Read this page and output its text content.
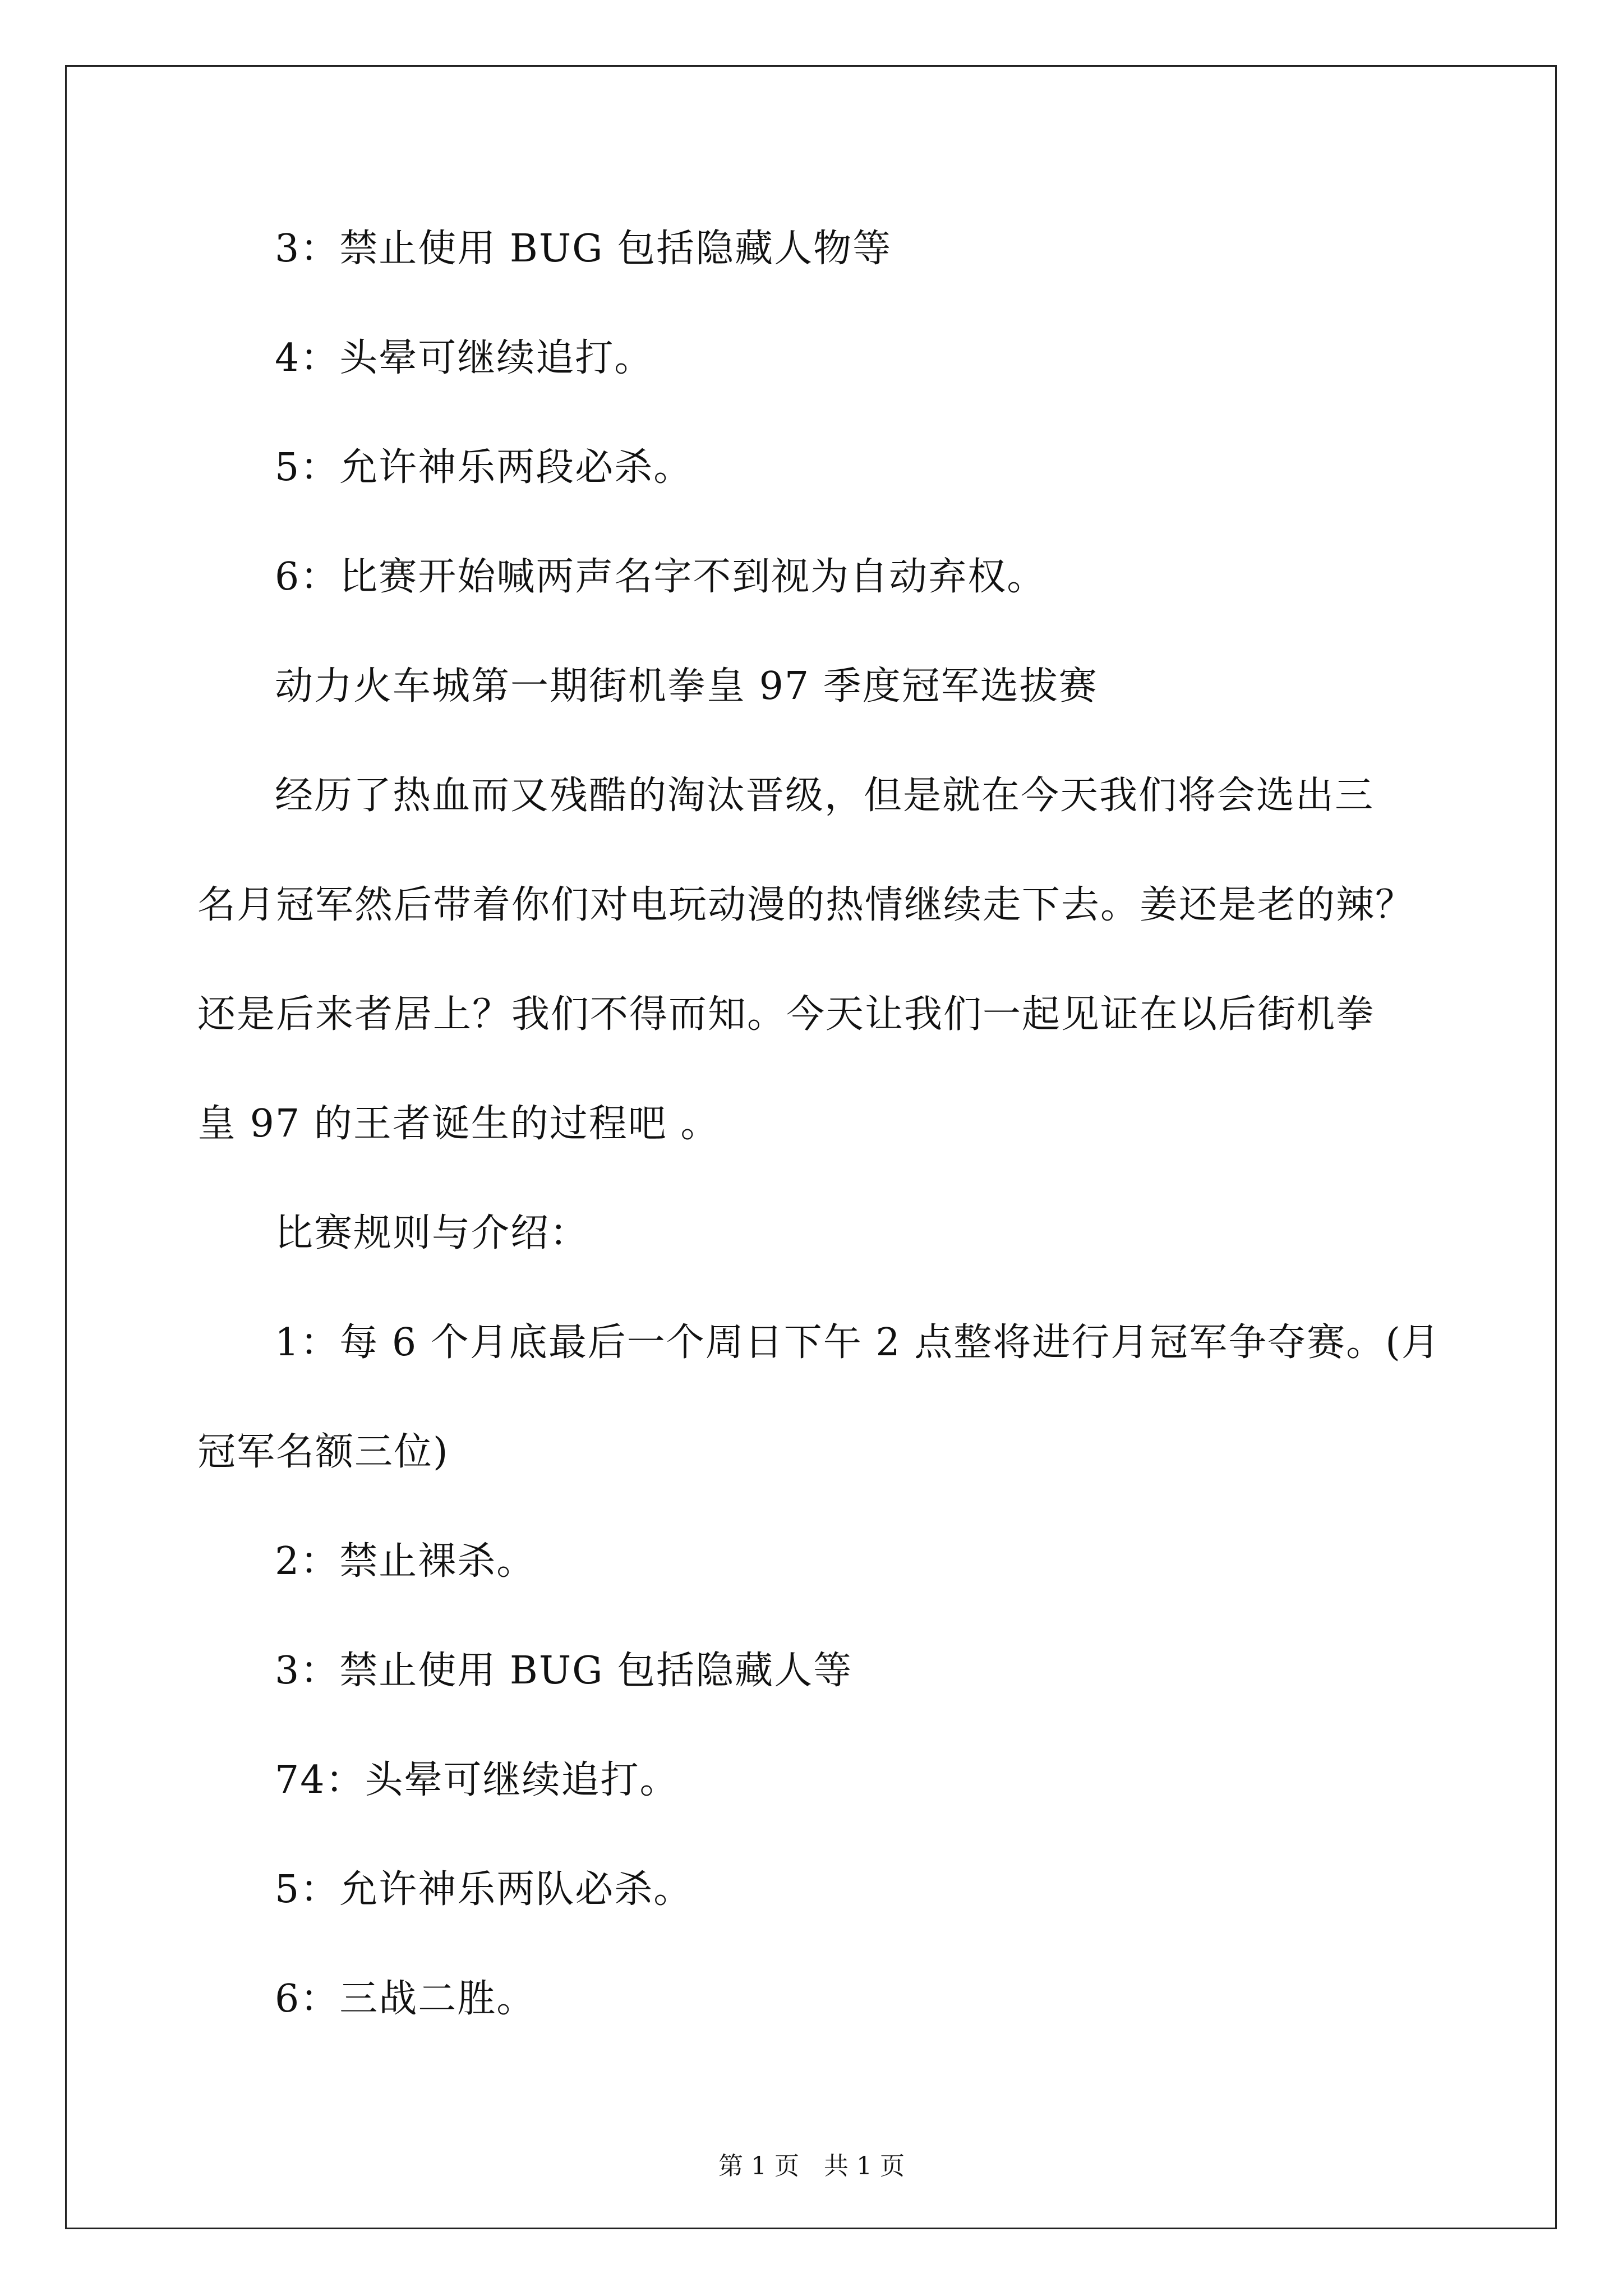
3：禁止使用 BUG 包括隐藏人物等
4：头晕可继续追打。
5：允许神乐两段必杀。
6：比赛开始喊两声名字不到视为自动弃权。
动力火车城第一期街机拳皇 97 季度冠军选拔赛
经历了热血而又残酷的淘汰晋级，但是就在今天我们将会选出三
名月冠军然后带着你们对电玩动漫的热情继续走下去。姜还是老的辣？
还是后来者居上？我们不得而知。今天让我们一起见证在以后街机拳
皇 97 的王者诞生的过程吧 。
比赛规则与介绍：
1：每 6 个月底最后一个周日下午 2 点整将进行月冠军争夺赛。(月
冠军名额三位)
2：禁止裸杀。
3：禁止使用 BUG 包括隐藏人等
74：头晕可继续追打。
5：允许神乐两队必杀。
6：三战二胜。
第 1 页　共 1 页
